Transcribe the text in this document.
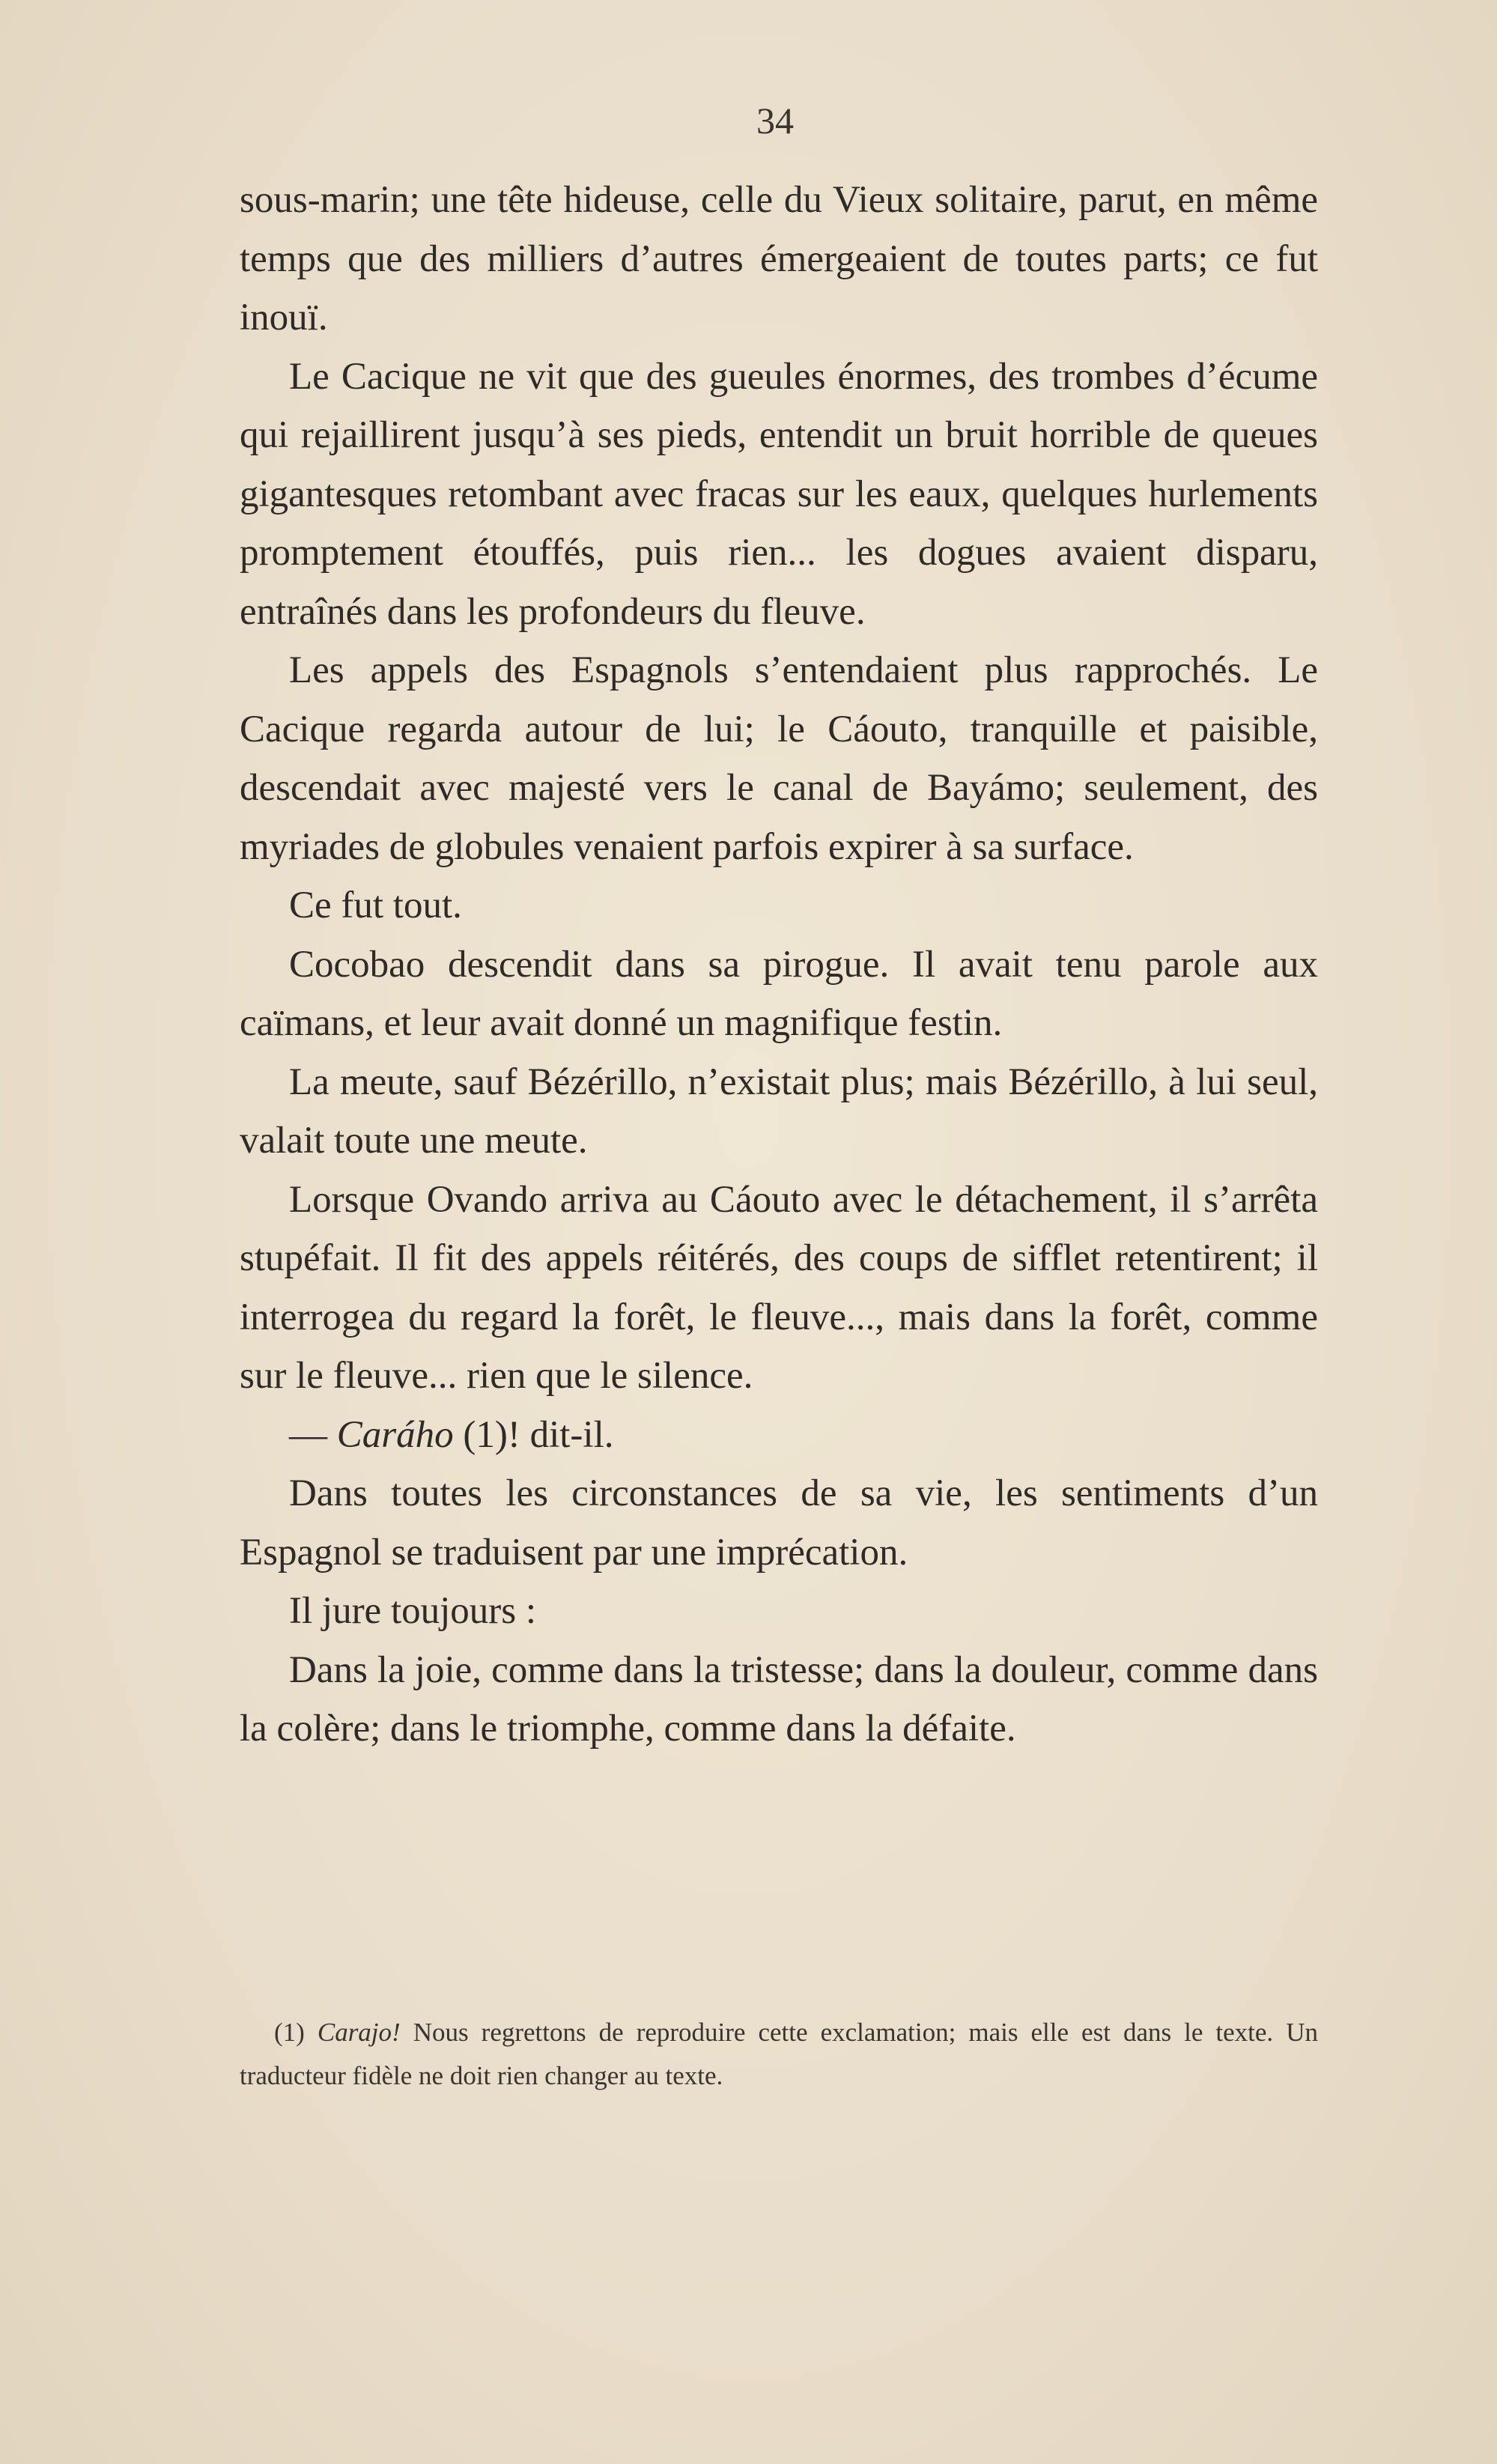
34

sous-marin; une tête hideuse, celle du Vieux solitaire, parut, en même temps que des milliers d’autres émergeaient de toutes parts; ce fut inouï.

Le Cacique ne vit que des gueules énormes, des trombes d’écume qui rejaillirent jusqu’à ses pieds, entendit un bruit horrible de queues gigantesques retombant avec fracas sur les eaux, quelques hurlements promptement étouffés, puis rien... les dogues avaient disparu, entraînés dans les profondeurs du fleuve.

Les appels des Espagnols s’entendaient plus rapprochés. Le Cacique regarda autour de lui; le Cáouto, tranquille et paisible, descendait avec majesté vers le canal de Bayámo; seulement, des myriades de globules venaient parfois expirer à sa surface.

Ce fut tout.

Cocobao descendit dans sa pirogue. Il avait tenu parole aux caïmans, et leur avait donné un magnifique festin.

La meute, sauf Bézérillo, n’existait plus; mais Bézérillo, à lui seul, valait toute une meute.

Lorsque Ovando arriva au Cáouto avec le détachement, il s’arrêta stupéfait. Il fit des appels réitérés, des coups de sifflet retentirent; il interrogea du regard la forêt, le fleuve..., mais dans la forêt, comme sur le fleuve... rien que le silence.

— Caráho (1)! dit-il.

Dans toutes les circonstances de sa vie, les sentiments d’un Espagnol se traduisent par une imprécation.

Il jure toujours :

Dans la joie, comme dans la tristesse; dans la douleur, comme dans la colère; dans le triomphe, comme dans la défaite.

(1) Carajo! Nous regrettons de reproduire cette exclamation; mais elle est dans le texte. Un traducteur fidèle ne doit rien changer au texte.
